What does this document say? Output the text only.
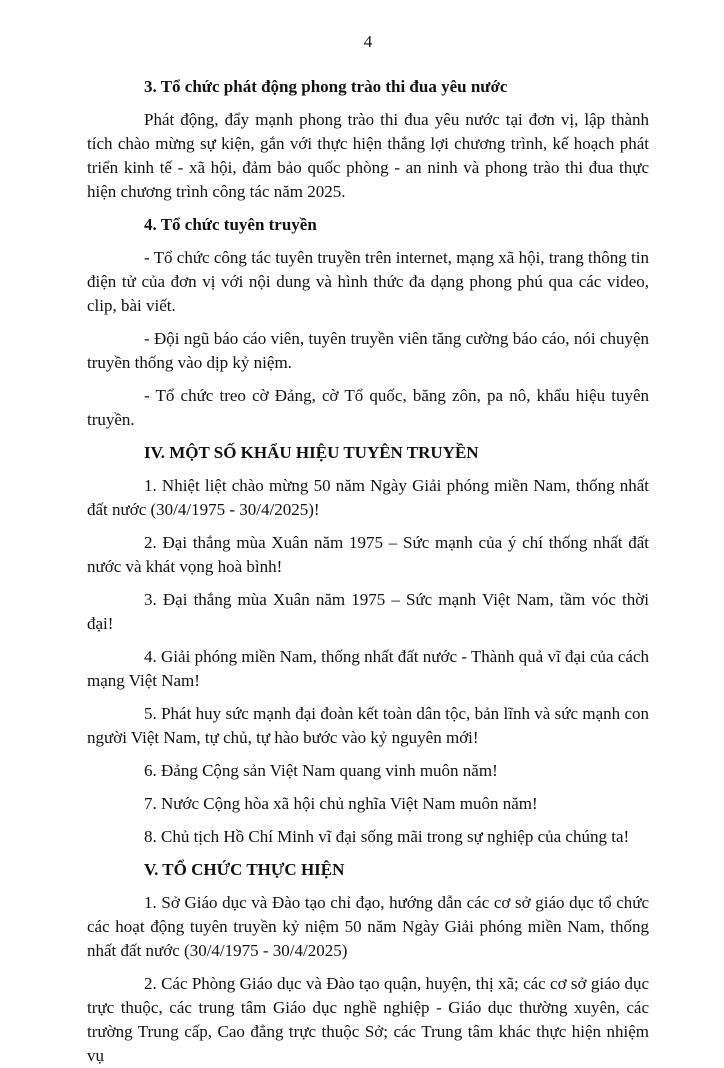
4
3. Tổ chức phát động phong trào thi đua yêu nước
Phát động, đẩy mạnh phong trào thi đua yêu nước tại đơn vị, lập thành tích chào mừng sự kiện, gắn với thực hiện thắng lợi chương trình, kế hoạch phát triển kinh tế - xã hội, đảm bảo quốc phòng - an ninh và phong trào thi đua thực hiện chương trình công tác năm 2025.
4. Tổ chức tuyên truyền
- Tổ chức công tác tuyên truyền trên internet, mạng xã hội, trang thông tin điện tử của đơn vị với nội dung và hình thức đa dạng phong phú qua các video, clip, bài viết.
- Đội ngũ báo cáo viên, tuyên truyền viên tăng cường báo cáo, nói chuyện truyền thống vào dịp kỷ niệm.
- Tổ chức treo cờ Đảng, cờ Tổ quốc, băng zôn, pa nô, khẩu hiệu tuyên truyền.
IV. MỘT SỐ KHẨU HIỆU TUYÊN TRUYỀN
1. Nhiệt liệt chào mừng 50 năm Ngày Giải phóng miền Nam, thống nhất đất nước (30/4/1975 - 30/4/2025)!
2. Đại thắng mùa Xuân năm 1975 – Sức mạnh của ý chí thống nhất đất nước và khát vọng hoà bình!
3. Đại thắng mùa Xuân năm 1975 – Sức mạnh Việt Nam, tầm vóc thời đại!
4. Giải phóng miền Nam, thống nhất đất nước - Thành quả vĩ đại của cách mạng Việt Nam!
5. Phát huy sức mạnh đại đoàn kết toàn dân tộc, bản lĩnh và sức mạnh con người Việt Nam, tự chủ, tự hào bước vào kỷ nguyên mới!
6. Đảng Cộng sản Việt Nam quang vinh muôn năm!
7. Nước Cộng hòa xã hội chủ nghĩa Việt Nam muôn năm!
8. Chủ tịch Hồ Chí Minh vĩ đại sống mãi trong sự nghiệp của chúng ta!
V. TỔ CHỨC THỰC HIỆN
1. Sở Giáo dục và Đào tạo chỉ đạo, hướng dẫn các cơ sở giáo dục tổ chức các hoạt động tuyên truyền kỷ niệm 50 năm Ngày Giải phóng miền Nam, thống nhất đất nước (30/4/1975 - 30/4/2025)
2. Các Phòng Giáo dục và Đào tạo quận, huyện, thị xã; các cơ sở giáo dục trực thuộc, các trung tâm Giáo dục nghề nghiệp - Giáo dục thường xuyên, các trường Trung cấp, Cao đẳng trực thuộc Sở; các Trung tâm khác thực hiện nhiệm vụ
